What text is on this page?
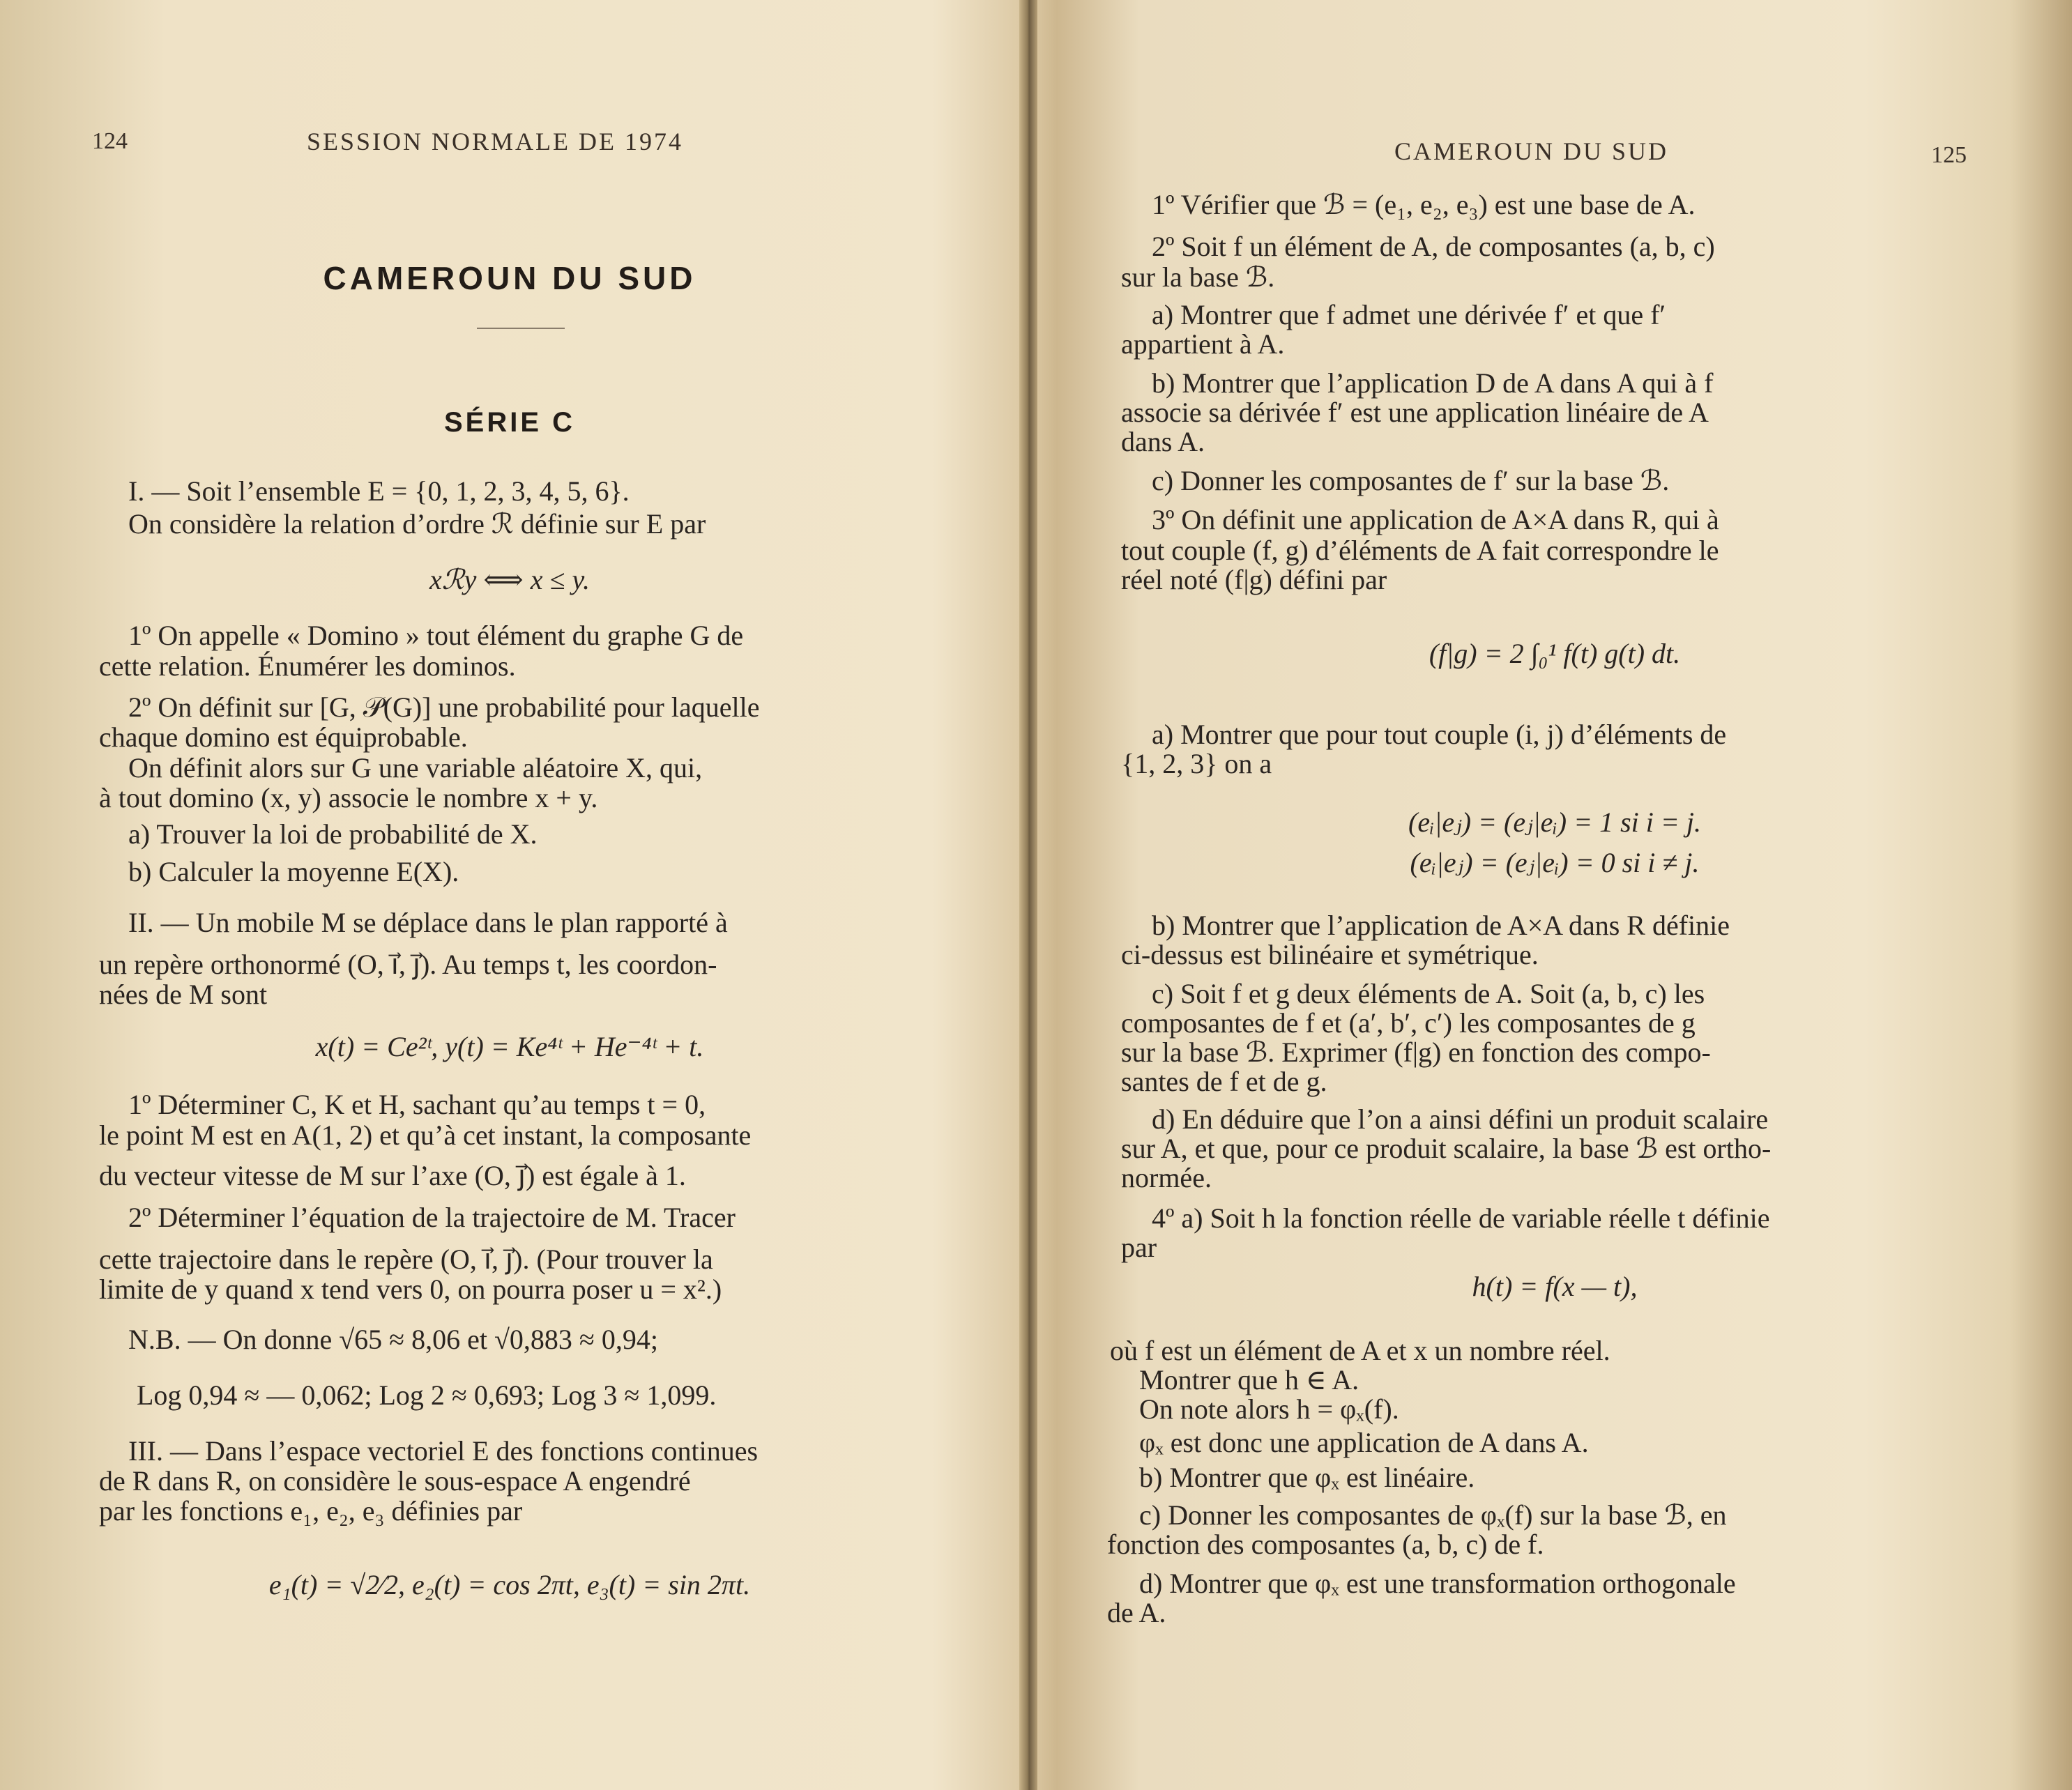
124	SESSION NORMALE DE 1974
CAMEROUN DU SUD
SÉRIE C
I. — Soit l’ensemble E = {0, 1, 2, 3, 4, 5, 6}.
On considère la relation d’ordre ℛ définie sur E par
xℛy ⟺ x ≤ y.
1º On appelle « Domino » tout élément du graphe G de
cette relation. Énumérer les dominos.
2º On définit sur [G, 𝒫(G)] une probabilité pour laquelle
chaque domino est équiprobable.
On définit alors sur G une variable aléatoire X, qui,
à tout domino (x, y) associe le nombre x + y.
a) Trouver la loi de probabilité de X.
b) Calculer la moyenne E(X).
II. — Un mobile M se déplace dans le plan rapporté à
un repère orthonormé (O, i⃗, j⃗). Au temps t, les coordon-
nées de M sont
x(t) = Ce²ᵗ, y(t) = Ke⁴ᵗ + He⁻⁴ᵗ + t.
1º Déterminer C, K et H, sachant qu’au temps t = 0,
le point M est en A(1, 2) et qu’à cet instant, la composante
du vecteur vitesse de M sur l’axe (O, j⃗) est égale à 1.
2º Déterminer l’équation de la trajectoire de M. Tracer
cette trajectoire dans le repère (O, i⃗, j⃗). (Pour trouver la
limite de y quand x tend vers 0, on pourra poser u = x².)
N.B. — On donne √65 ≈ 8,06 et √0,883 ≈ 0,94;
Log 0,94 ≈ — 0,062; Log 2 ≈ 0,693; Log 3 ≈ 1,099.
III. — Dans l’espace vectoriel E des fonctions continues
de R dans R, on considère le sous-espace A engendré
par les fonctions e₁, e₂, e₃ définies par
e₁(t) = √2⁄2, e₂(t) = cos 2πt, e₃(t) = sin 2πt.
CAMEROUN DU SUD	125
1º Vérifier que ℬ = (e₁, e₂, e₃) est une base de A.
2º Soit f un élément de A, de composantes (a, b, c)
sur la base ℬ.
a) Montrer que f admet une dérivée f′ et que f′
appartient à A.
b) Montrer que l’application D de A dans A qui à f
associe sa dérivée f′ est une application linéaire de A
dans A.
c) Donner les composantes de f′ sur la base ℬ.
3º On définit une application de A×A dans R, qui à
tout couple (f, g) d’éléments de A fait correspondre le
réel noté (f|g) défini par
(f|g) = 2 ∫₀¹ f(t) g(t) dt.
a) Montrer que pour tout couple (i, j) d’éléments de
{1, 2, 3} on a
(eᵢ|eⱼ) = (eⱼ|eᵢ) = 1 si i = j.
(eᵢ|eⱼ) = (eⱼ|eᵢ) = 0 si i ≠ j.
b) Montrer que l’application de A×A dans R définie
ci-dessus est bilinéaire et symétrique.
c) Soit f et g deux éléments de A. Soit (a, b, c) les
composantes de f et (a′, b′, c′) les composantes de g
sur la base ℬ. Exprimer (f|g) en fonction des compo-
santes de f et de g.
d) En déduire que l’on a ainsi défini un produit scalaire
sur A, et que, pour ce produit scalaire, la base ℬ est ortho-
normée.
4º a) Soit h la fonction réelle de variable réelle t définie
par
h(t) = f(x — t),
où f est un élément de A et x un nombre réel.
Montrer que h ∈ A.
On note alors h = φₓ(f).
φₓ est donc une application de A dans A.
b) Montrer que φₓ est linéaire.
c) Donner les composantes de φₓ(f) sur la base ℬ, en
fonction des composantes (a, b, c) de f.
d) Montrer que φₓ est une transformation orthogonale
de A.
